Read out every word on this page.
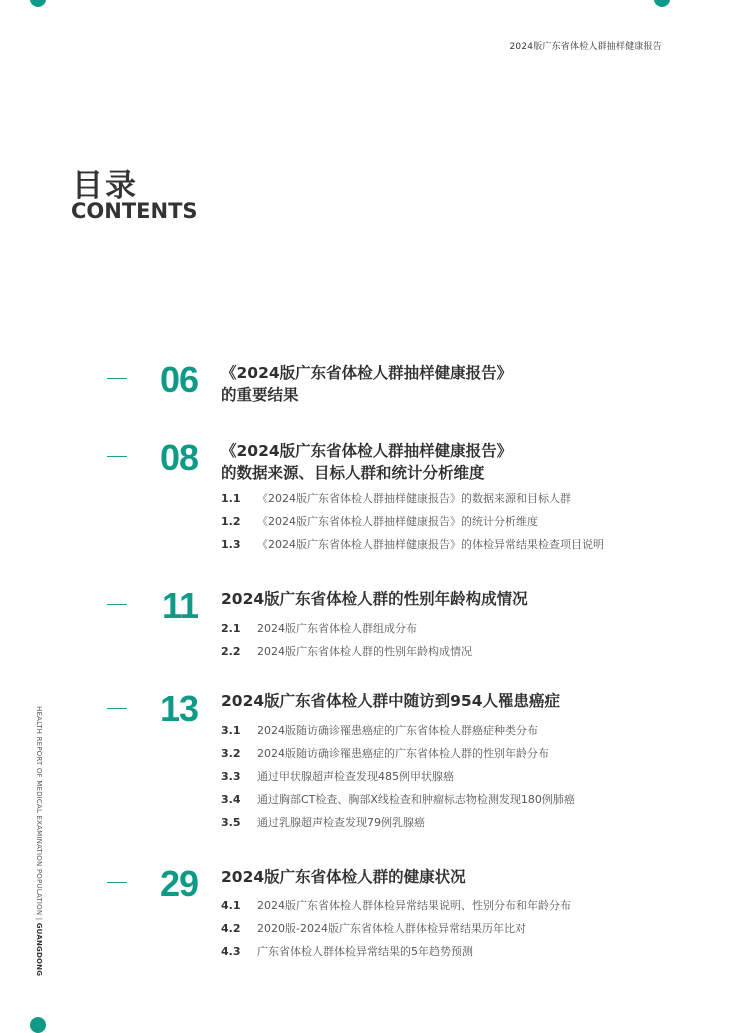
2024版广东省体检人群抽样健康报告
目录
CONTENTS
HEALTH REPORT OF MEDICAL EXAMINATION POPULATION | GUANGDONG
06 《2024版广东省体检人群抽样健康报告》
的重要结果
08 《2024版广东省体检人群抽样健康报告》
的数据来源、目标人群和统计分析维度
1.1 《2024版广东省体检人群抽样健康报告》的数据来源和目标人群
1.2 《2024版广东省体检人群抽样健康报告》的统计分析维度
1.3 《2024版广东省体检人群抽样健康报告》的体检异常结果检查项目说明
11 2024版广东省体检人群的性别年龄构成情况
2.1 2024版广东省体检人群组成分布
2.2 2024版广东省体检人群的性别年龄构成情况
13 2024版广东省体检人群中随访到954人罹患癌症
3.1 2024版随访确诊罹患癌症的广东省体检人群癌症种类分布
3.2 2024版随访确诊罹患癌症的广东省体检人群的性别年龄分布
3.3 通过甲状腺超声检查发现485例甲状腺癌
3.4 通过胸部CT检查、胸部X线检查和肿瘤标志物检测发现180例肺癌
3.5 通过乳腺超声检查发现79例乳腺癌
29 2024版广东省体检人群的健康状况
4.1 2024版广东省体检人群体检异常结果说明、性别分布和年龄分布
4.2 2020版-2024版广东省体检人群体检异常结果历年比对
4.3 广东省体检人群体检异常结果的5年趋势预测
